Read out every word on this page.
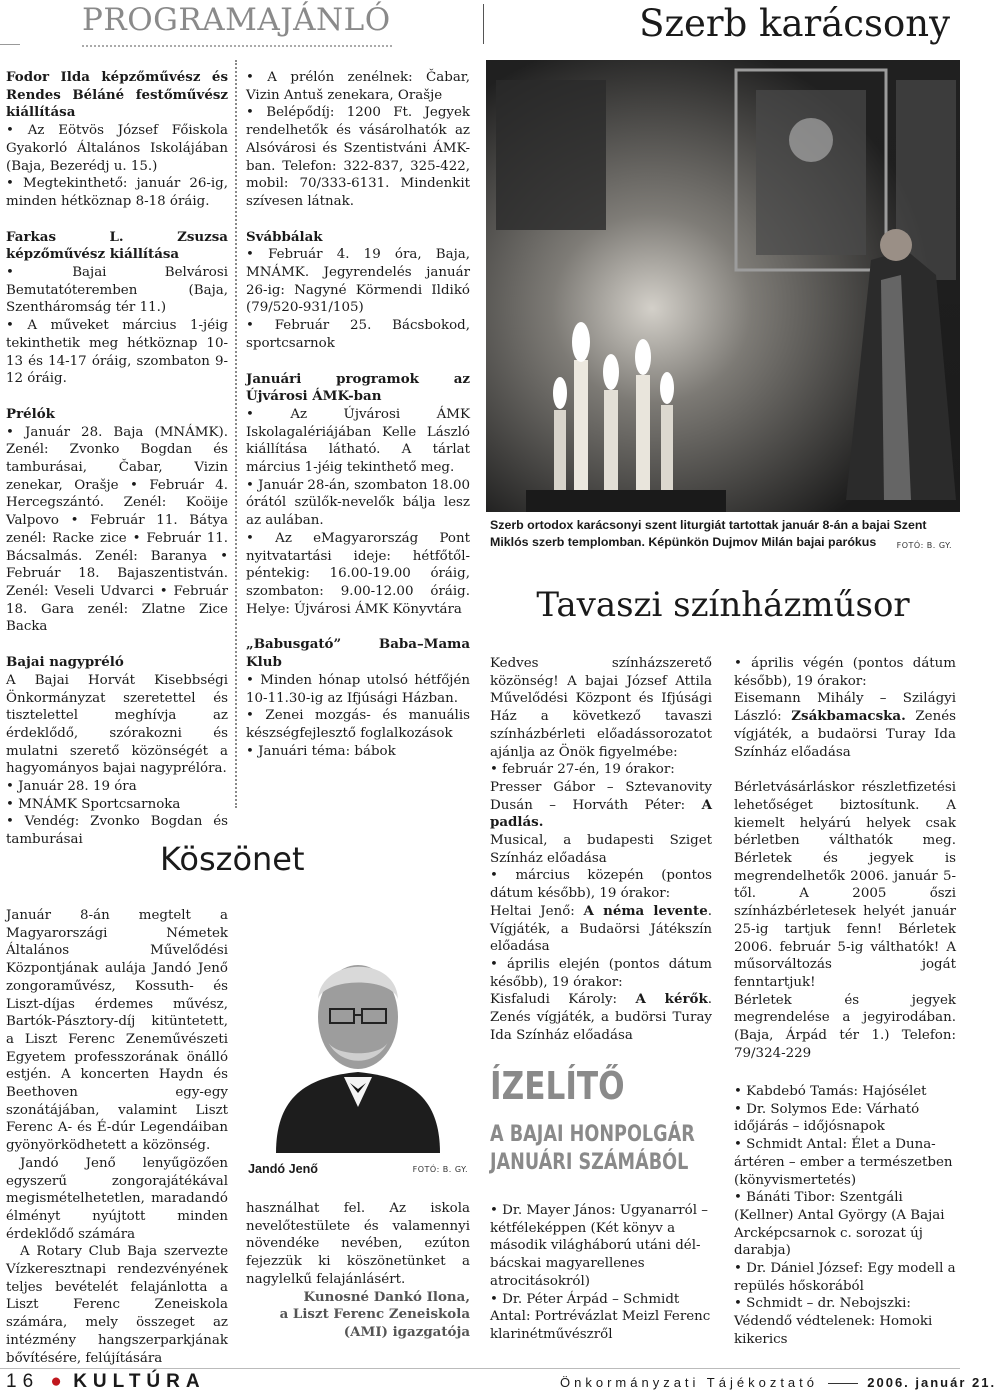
PROGRAMAJÁNLÓ	Szerb karácsony

Fodor Ilda képzőművész és Rendes Béláné festőművész kiállítása

• Az Eötvös József Főiskola Gyakorló Általános Iskolájában (Baja, Bezerédj u. 15.)

• Megtekinthető: január 26-ig, minden hétköznap 8-18 óráig.

Farkas L. Zsuzsa képzőművész kiállítása

• Bajai Belvárosi Bemutatóteremben (Baja, Szentháromság tér 11.)

• A műveket március 1-jéig tekinthetik meg hétköznap 10-13 és 14-17 óráig, szombaton 9-12 óráig.

Prélók

• Január 28. Baja (MNÁMK). Zenél: Zvonko Bogdan és tamburásai, Čabar, Vizin zenekar, Orašje • Február 4. Hercegszántó. Zenél: Koöije Valpovo • Február 11. Bátya zenél: Racke zice • Február 11. Bácsalmás. Zenél: Baranya • Február 18. Bajaszentistván. Zenél: Veseli Udvarci • Február 18. Gara zenél: Zlatne Zice Backa

Bajai nagypréló

A Bajai Horvát Kisebbségi Önkormányzat szeretettel és tisztelettel meghívja az érdeklődő, szórakozni és mulatni szerető közönségét a hagyományos bajai nagyprélóra.

• Január 28. 19 óra

• MNÁMK Sportcsarnoka

• Vendég: Zvonko Bogdan és tamburásai

• A prélón zenélnek: Čabar, Vizin Antuš zenekara, Orašje

• Belépődíj: 1200 Ft. Jegyek rendelhetők és vásárolhatók az Alsóvárosi és Szentistváni ÁMK-ban. Telefon: 322-837, 325-422, mobil: 70/333-6131. Mindenkit szívesen látnak.

Svábbálak

• Február 4. 19 óra, Baja, MNÁMK. Jegyrendelés január 26-ig: Nagyné Körmendi Ildikó (79/520-931/105)

• Február 25. Bácsbokod, sportcsarnok

Januári programok az Újvárosi ÁMK-ban

• Az Újvárosi ÁMK Iskolagalériájában Kelle László kiállítása látható. A tárlat március 1-jéig tekinthető meg.

• Január 28-án, szombaton 18.00 órától szülők-nevelők bálja lesz az aulában.

• Az eMagyarország Pont nyitvatartási ideje: hétfőtől-péntekig: 16.00-19.00 óráig, szombaton: 9.00-12.00 óráig. Helye: Újvárosi ÁMK Könyvtára

„Babusgató” Baba–Mama Klub

• Minden hónap utolsó hétfőjén 10-11.30-ig az Ifjúsági Házban.

• Zenei mozgás- és manuális készségfejlesztő foglalkozások

• Januári téma: bábok

Szerb ortodox karácsonyi szent liturgiát tartottak január 8-án a bajai Szent Miklós szerb templomban. Képünkön Dujmov Milán bajai parókus	FOTÓ: B. GY.
Tavaszi színházműsor

Kedves színházszerető közönség! A bajai József Attila Művelődési Központ és Ifjúsági Ház a következő tavaszi színházbérleti előadássorozatot ajánlja az Önök figyelmébe:

• február 27-én, 19 órakor:

Presser Gábor – Sztevanovity Dusán – Horváth Péter: A padlás.

Musical, a budapesti Sziget Színház előadása

• március közepén (pontos dátum később), 19 órakor:

Heltai Jenő: A néma levente. Vígjáték, a Budaörsi Játékszín előadása

• április elején (pontos dátum később), 19 órakor:

Kisfaludi Károly: A kérők. Zenés vígjáték, a budörsi Turay Ida Színház előadása

• április végén (pontos dátum később), 19 órakor:

Eisemann Mihály – Szilágyi László: Zsákbamacska. Zenés vígjáték, a budaörsi Turay Ida Színház előadása

Bérletvásárláskor részletfizetési lehetőséget biztosítunk. A kiemelt helyárú helyek csak bérletben válthatók meg. Bérletek és jegyek is megrendelhetők 2006. január 5-től. A 2005 őszi színházbérletesek helyét január 25-ig tartjuk fenn! Bérletek 2006. február 5-ig válthatók! A műsorváltozás jogát fenntartjuk!

Bérletek és jegyek megrendelése a jegyirodában. (Baja, Árpád tér 1.) Telefon: 79/324-229

Köszönet

Január 8-án megtelt a Magyarországi Németek Általános Művelődési Központjának aulája Jandó Jenő zongoraművész, Kossuth- és Liszt-díjas érdemes művész, Bartók-Pásztory-díj kitüntetett, a Liszt Ferenc Zeneművészeti Egyetem professzorának önálló estjén. A koncerten Haydn és Beethoven egy-egy szonátájában, valamint Liszt Ferenc A- és É-dúr Legendáiban gyönyörködhetett a közönség.

Jandó Jenő lenyűgözően egyszerű zongorajátékával megismételhetetlen, maradandó élményt nyújtott minden érdeklődő számára

A Rotary Club Baja szervezte Vízkeresztnapi rendezvényének teljes bevételét felajánlotta a Liszt Ferenc Zeneiskola számára, mely összeget az intézmény hangszerparkjának bővítésére, felújítására

Jandó Jenő	FOTÓ: B. GY.

használhat fel. Az iskola nevelőtestülete és valamennyi növendéke nevében, ezúton fejezzük ki köszönetünket a nagylelkű felajánlásért.

Kunosné Dankó Ilona,

a Liszt Ferenc Zeneiskola

(AMI) igazgatója

ÍZELÍTŐ
A BAJAI HONPOLGÁR
JANUÁRI SZÁMÁBÓL

• Dr. Mayer János: Ugyanarról – kétféleképpen (Két könyv a második világháború utáni dél-bácskai magyarellenes atrocitásokról)

• Dr. Péter Árpád – Schmidt Antal: Portrévázlat Meizl Ferenc klarinétművészről

• Kabdebó Tamás: Hajósélet

• Dr. Solymos Ede: Várható időjárás – időjósnapok

• Schmidt Antal: Élet a Duna-ártéren – ember a természetben (könyvismertetés)

• Bánáti Tibor: Szentgáli (Kellner) Antal György (A Bajai Arcképcsarnok c. sorozat új darabja)

• Dr. Dániel József: Egy modell a repülés hőskorából

• Schmidt – dr. Nebojszki: Védendő védtelenek: Homoki kikerics

16 ● KULTÚRA	Önkormányzati Tájékoztató	2006. január 21.
